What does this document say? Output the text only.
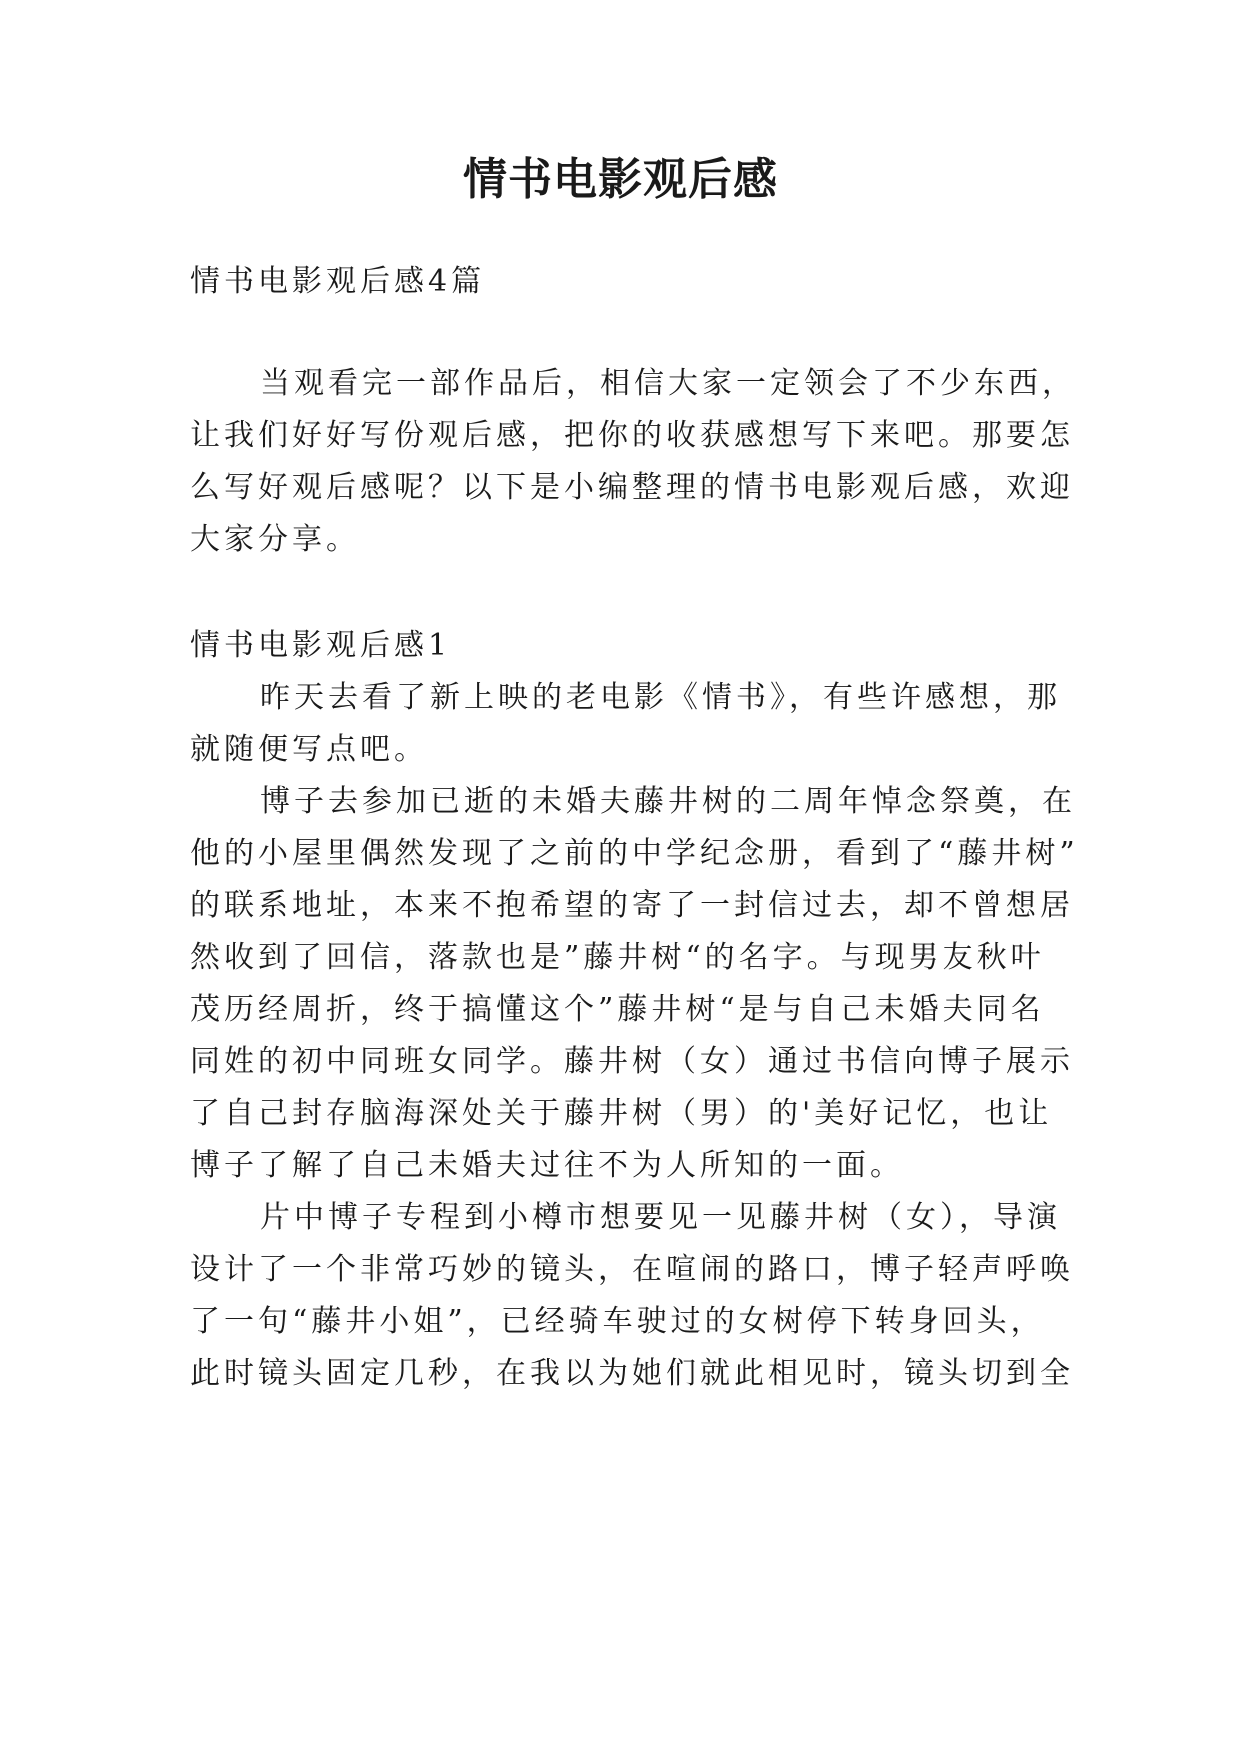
情书电影观后感
情书电影观后感4篇
当观看完一部作品后，相信大家一定领会了不少东西，
让我们好好写份观后感，把你的收获感想写下来吧。那要怎
么写好观后感呢？以下是小编整理的情书电影观后感，欢迎
大家分享。
情书电影观后感1
昨天去看了新上映的老电影《情书》，有些许感想，那
就随便写点吧。
博子去参加已逝的未婚夫藤井树的二周年悼念祭奠，在
他的小屋里偶然发现了之前的中学纪念册，看到了“藤井树”
的联系地址，本来不抱希望的寄了一封信过去，却不曾想居
然收到了回信，落款也是”藤井树“的名字。与现男友秋叶
茂历经周折，终于搞懂这个”藤井树“是与自己未婚夫同名
同姓的初中同班女同学。藤井树（女）通过书信向博子展示
了自己封存脑海深处关于藤井树（男）的'美好记忆，也让
博子了解了自己未婚夫过往不为人所知的一面。
片中博子专程到小樽市想要见一见藤井树（女），导演
设计了一个非常巧妙的镜头，在喧闹的路口，博子轻声呼唤
了一句“藤井小姐”，已经骑车驶过的女树停下转身回头，
此时镜头固定几秒，在我以为她们就此相见时，镜头切到全
